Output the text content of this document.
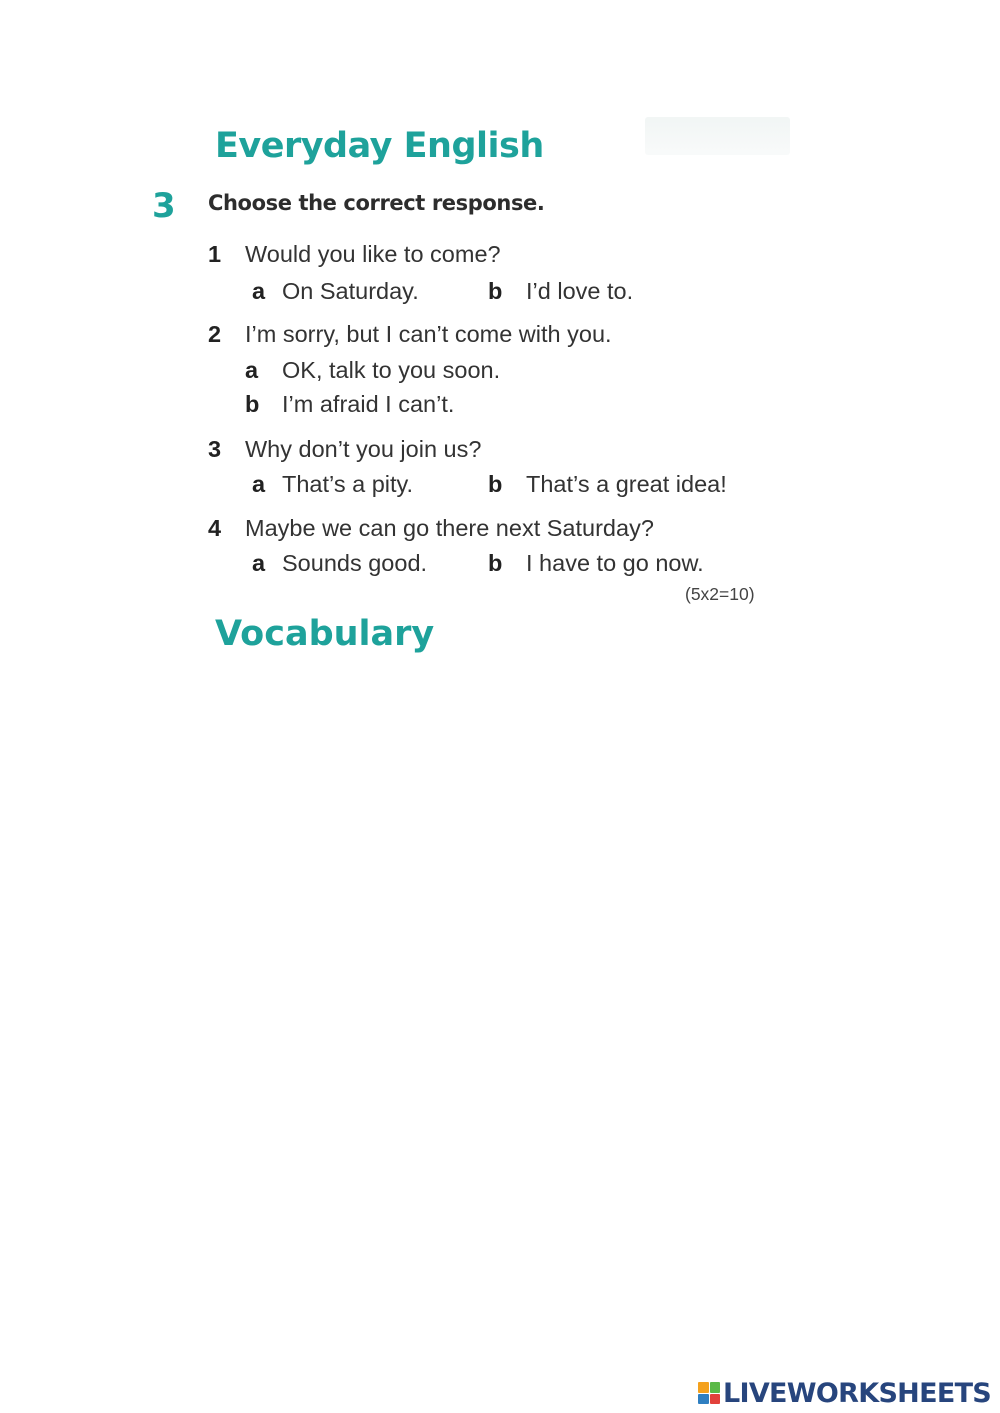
Everyday English
3 Choose the correct response.
1 Would you like to come?
a On Saturday.	b I’d love to.
2 I’m sorry, but I can’t come with you.
a OK, talk to you soon.
b I’m afraid I can’t.
3 Why don’t you join us?
a That’s a pity.	b That’s a great idea!
4 Maybe we can go there next Saturday?
a Sounds good.	b I have to go now.
(5x2=10)
Vocabulary
LIVEWORKSHEETS
